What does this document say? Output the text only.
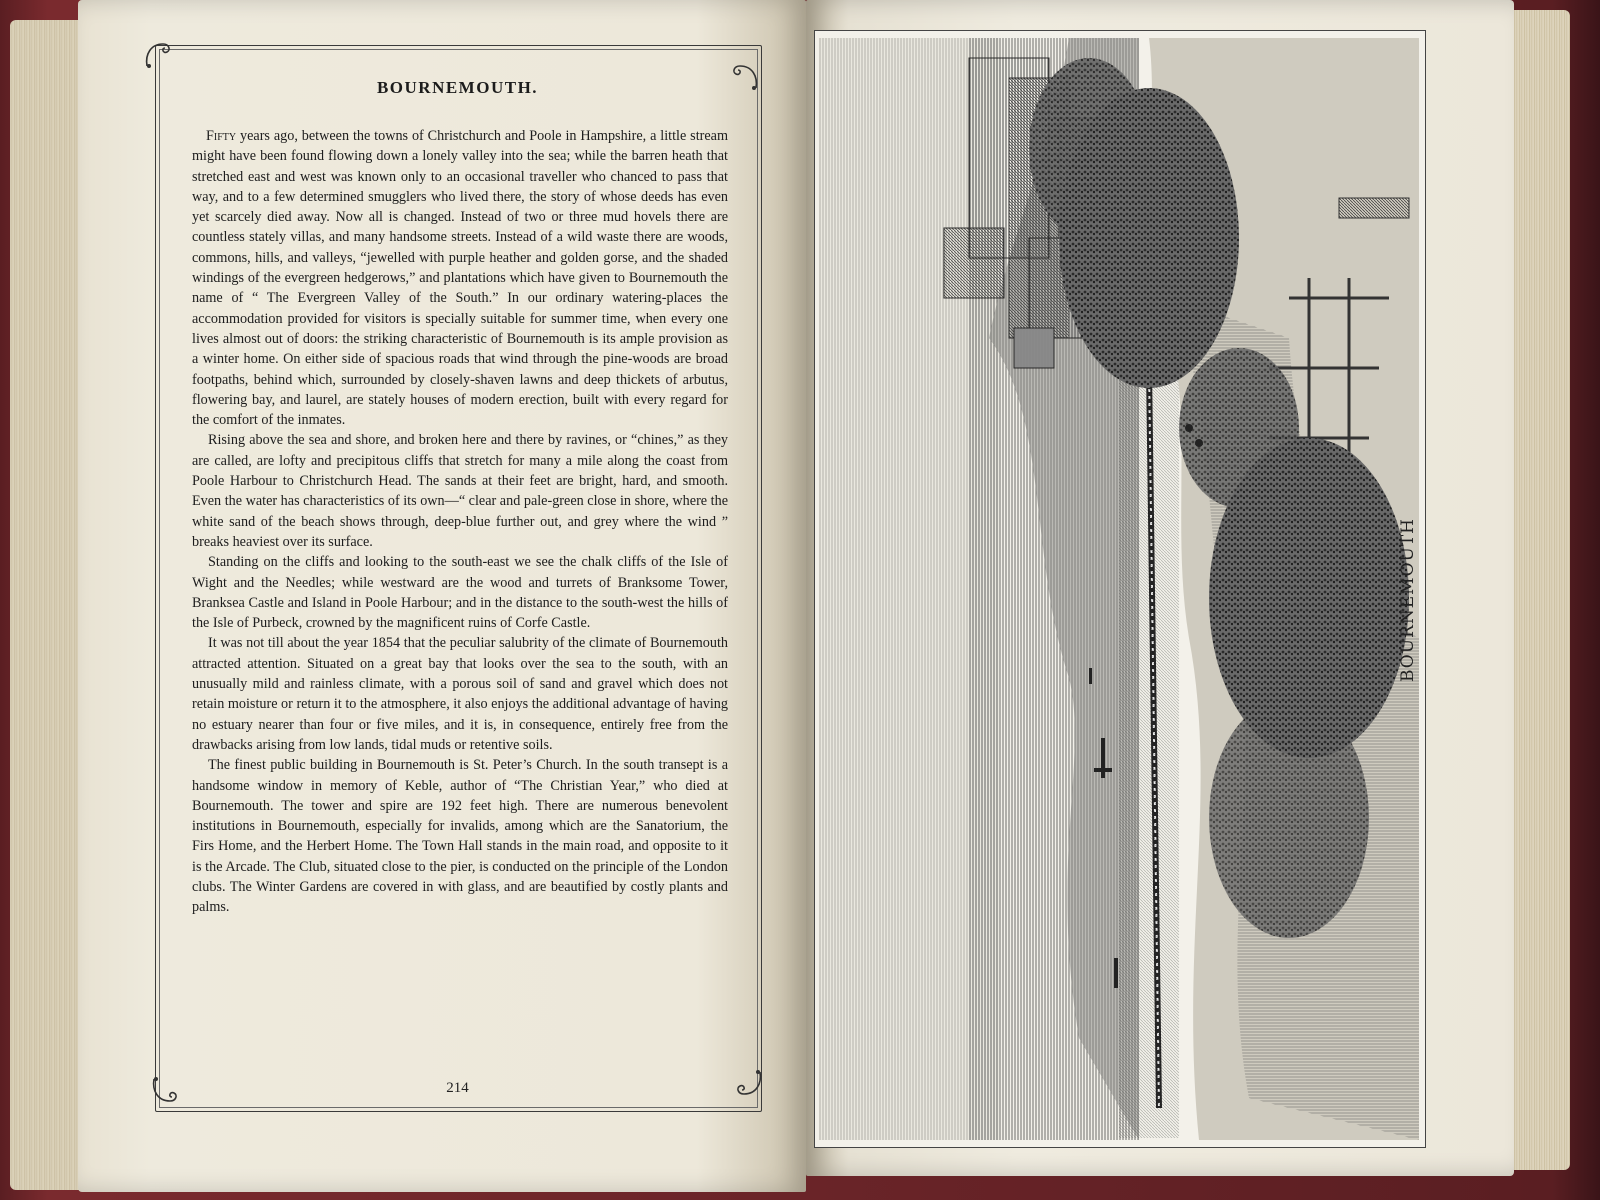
BOURNEMOUTH.

Fifty years ago, between the towns of Christchurch and Poole in Hampshire, a little stream might have been found flowing down a lonely valley into the sea; while the barren heath that stretched east and west was known only to an occasional traveller who chanced to pass that way, and to a few determined smugglers who lived there, the story of whose deeds has even yet scarcely died away. Now all is changed. Instead of two or three mud hovels there are countless stately villas, and many handsome streets. Instead of a wild waste there are woods, commons, hills, and valleys, “jewelled with purple heather and golden gorse, and the shaded windings of the evergreen hedgerows,” and plantations which have given to Bournemouth the name of “ The Evergreen Valley of the South.” In our ordinary watering-places the accommodation provided for visitors is specially suitable for summer time, when every one lives almost out of doors: the striking characteristic of Bournemouth is its ample provision as a winter home. On either side of spacious roads that wind through the pine-woods are broad footpaths, behind which, surrounded by closely-shaven lawns and deep thickets of arbutus, flowering bay, and laurel, are stately houses of modern erection, built with every regard for the comfort of the inmates.

Rising above the sea and shore, and broken here and there by ravines, or “chines,” as they are called, are lofty and precipitous cliffs that stretch for many a mile along the coast from Poole Harbour to Christchurch Head. The sands at their feet are bright, hard, and smooth. Even the water has characteristics of its own—“ clear and pale-green close in shore, where the white sand of the beach shows through, deep-blue further out, and grey where the wind ” breaks heaviest over its surface.

Standing on the cliffs and looking to the south-east we see the chalk cliffs of the Isle of Wight and the Needles; while westward are the wood and turrets of Branksome Tower, Branksea Castle and Island in Poole Harbour; and in the distance to the south-west the hills of the Isle of Purbeck, crowned by the magnificent ruins of Corfe Castle.

It was not till about the year 1854 that the peculiar salubrity of the climate of Bournemouth attracted attention. Situated on a great bay that looks over the sea to the south, with an unusually mild and rainless climate, with a porous soil of sand and gravel which does not retain moisture or return it to the atmosphere, it also enjoys the additional advantage of having no estuary nearer than four or five miles, and it is, in consequence, entirely free from the drawbacks arising from low lands, tidal muds or retentive soils.

The finest public building in Bournemouth is St. Peter’s Church. In the south transept is a handsome window in memory of Keble, author of “The Christian Year,” who died at Bournemouth. The tower and spire are 192 feet high. There are numerous benevolent institutions in Bournemouth, especially for invalids, among which are the Sanatorium, the Firs Home, and the Herbert Home. The Town Hall stands in the main road, and opposite to it is the Arcade. The Club, situated close to the pier, is conducted on the principle of the London clubs. The Winter Gardens are covered in with glass, and are beautified by costly plants and palms.

214
BOURNEMOUTH
